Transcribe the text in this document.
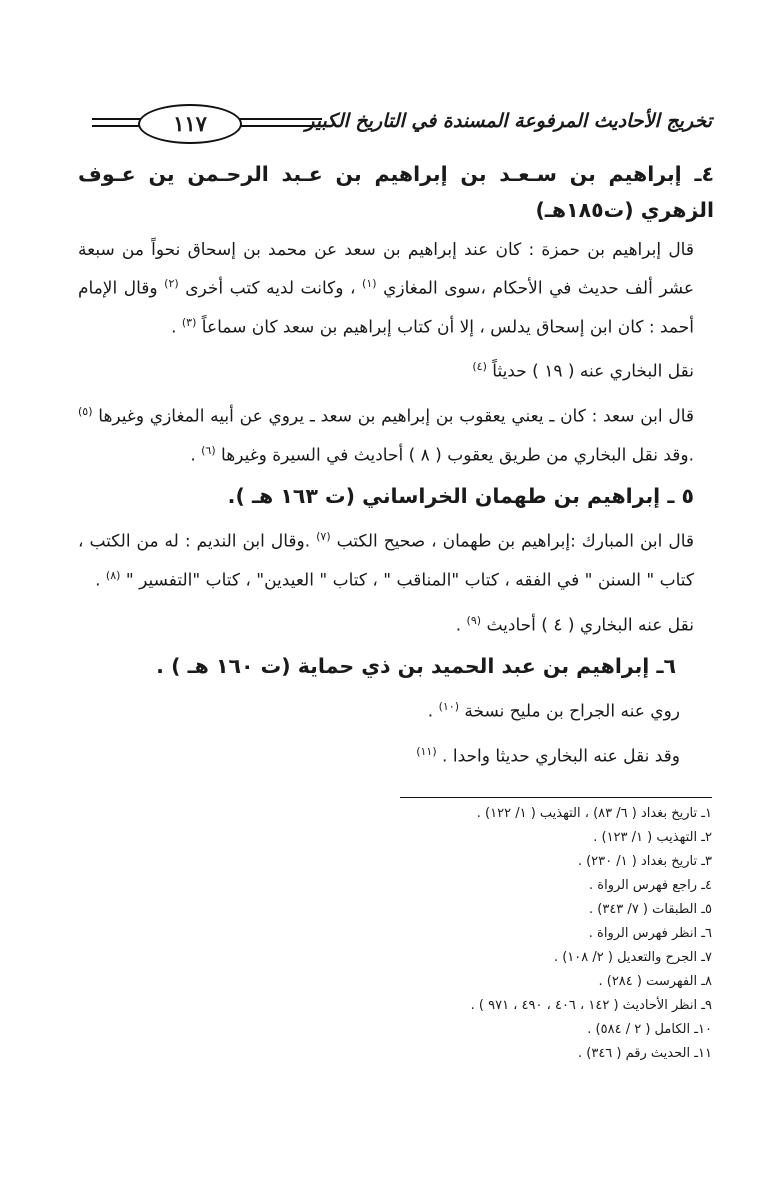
١١٧	تخريج الأحاديث المرفوعة المسندة في التاريخ الكبير
٤ـ إبراهيم بن سـعـد بن إبراهيم بن عـبد الرحـمن ين عـوف الزهري (ت١٨٥هـ)
قال إبراهيم بن حمزة : كان عند إبراهيم بن سعد عن محمد بن إسحاق نحواً من سبعة عشر ألف حديث في الأحكام ،سوى المغازي $^{(١)}$ ، وكانت لديه كتب أخرى $^{(٢)}$ وقال الإمام أحمد : كان ابن إسحاق يدلس ، إلا أن كتاب إبراهيم بن سعد كان سماعاً $^{(٣)}$ .
نقل البخاري عنه ( ١٩ ) حديثاً $^{(٤)}$
قال ابن سعد : كان ـ يعني يعقوب بن إبراهيم بن سعد ـ يروي عن أبيه المغازي وغيرها $^{(٥)}$ .وقد نقل البخاري من طريق يعقوب ( ٨ ) أحاديث في السيرة وغيرها $^{(٦)}$ .
٥ ـ إبراهيم بن طهمان الخراساني (ت ١٦٣ هـ ).
قال ابن المبارك :إبراهيم بن طهمان ، صحيح الكتب $^{(٧)}$ .وقال ابن النديم : له من الكتب ، كتاب " السنن " في الفقه ، كتاب "المناقب " ، كتاب " العيدين" ، كتاب "التفسير " $^{(٨)}$ .
نقل عنه البخاري ( ٤ ) أحاديث $^{(٩)}$ .
٦ـ إبراهيم بن عبد الحميد بن ذي حماية (ت ١٦٠ هـ ) .
روي عنه الجراح بن مليح نسخة $^{(١٠)}$ .
وقد نقل عنه البخاري حديثا واحدا . $^{(١١)}$
١ـ تاريخ بغداد ( ٦/ ٨٣) ، التهذيب ( ١/ ١٢٢) .
٢ـ التهذيب ( ١/ ١٢٣) .
٣ـ تاريخ بغداد ( ١/ ٢٣٠) .
٤ـ راجع فهرس الرواة .
٥ـ الطبقات ( ٧/ ٣٤٣) .
٦ـ انظر فهرس الرواة .
٧ـ الجرح والتعديل ( ٢/ ١٠٨) .
٨ـ الفهرست ( ٢٨٤) .
٩ـ انظر الأحاديث ( ١٤٢ ، ٤٠٦ ، ٤٩٠ ، ٩٧١ ) .
١٠ـ الكامل ( ٢ / ٥٨٤) .
١١ـ الحديث رقم ( ٣٤٦) .
